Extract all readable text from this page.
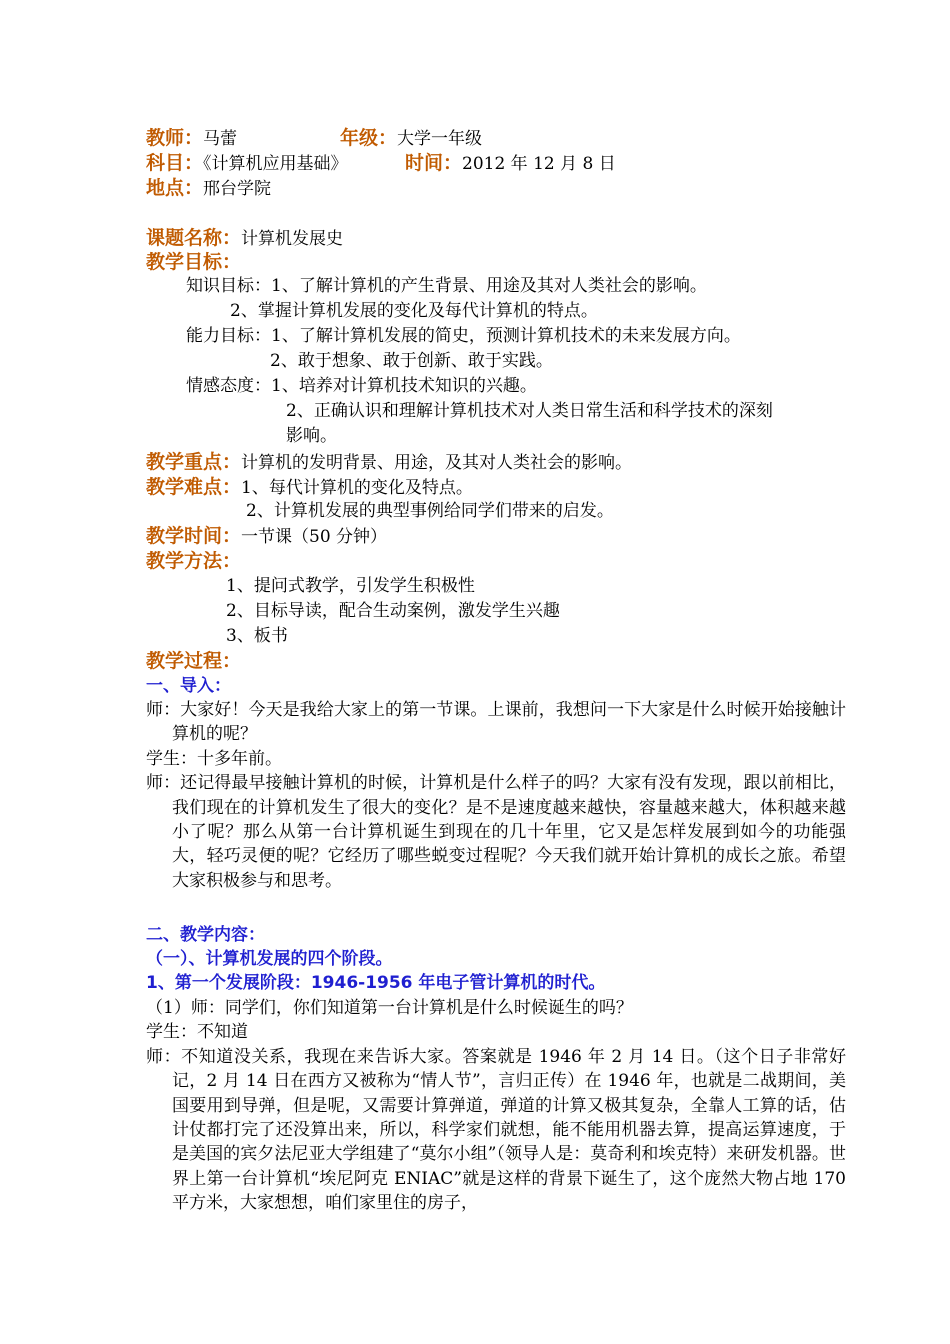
教师：马蕾	年级：大学一年级
科目：《计算机应用基础》	时间：2012 年 12 月 8 日
地点：邢台学院
课题名称：计算机发展史
教学目标：
知识目标：1、了解计算机的产生背景、用途及其对人类社会的影响。
2、掌握计算机发展的变化及每代计算机的特点。
能力目标：1、了解计算机发展的简史，预测计算机技术的未来发展方向。
2、敢于想象、敢于创新、敢于实践。
情感态度：1、培养对计算机技术知识的兴趣。
2、正确认识和理解计算机技术对人类日常生活和科学技术的深刻
影响。
教学重点：计算机的发明背景、用途，及其对人类社会的影响。
教学难点：1、每代计算机的变化及特点。
2、计算机发展的典型事例给同学们带来的启发。
教学时间：一节课（50 分钟）
教学方法：
1、提问式教学，引发学生积极性
2、目标导读，配合生动案例，激发学生兴趣
3、板书
教学过程：
一、导入：
师：大家好！今天是我给大家上的第一节课。上课前，我想问一下大家是什么时候开始接触计算机的呢？
学生：十多年前。
师：还记得最早接触计算机的时候，计算机是什么样子的吗？大家有没有发现，跟以前相比，我们现在的计算机发生了很大的变化？是不是速度越来越快，容量越来越大，体积越来越小了呢？那么从第一台计算机诞生到现在的几十年里，它又是怎样发展到如今的功能强大，轻巧灵便的呢？它经历了哪些蜕变过程呢？今天我们就开始计算机的成长之旅。希望大家积极参与和思考。
二、教学内容：
（一）、计算机发展的四个阶段。
1、第一个发展阶段：1946-1956 年电子管计算机的时代。
（1）师：同学们，你们知道第一台计算机是什么时候诞生的吗？
学生：不知道
师：不知道没关系，我现在来告诉大家。答案就是 1946 年 2 月 14 日。（这个日子非常好记，2 月 14 日在西方又被称为“情人节”，言归正传）在 1946 年，也就是二战期间，美国要用到导弹，但是呢，又需要计算弹道，弹道的计算又极其复杂，全靠人工算的话，估计仗都打完了还没算出来，所以，科学家们就想，能不能用机器去算，提高运算速度，于是美国的宾夕法尼亚大学组建了“莫尔小组”（领导人是：莫奇利和埃克特）来研发机器。世界上第一台计算机“埃尼阿克 ENIAC”就是这样的背景下诞生了，这个庞然大物占地 170 平方米，大家想想，咱们家里住的房子，
